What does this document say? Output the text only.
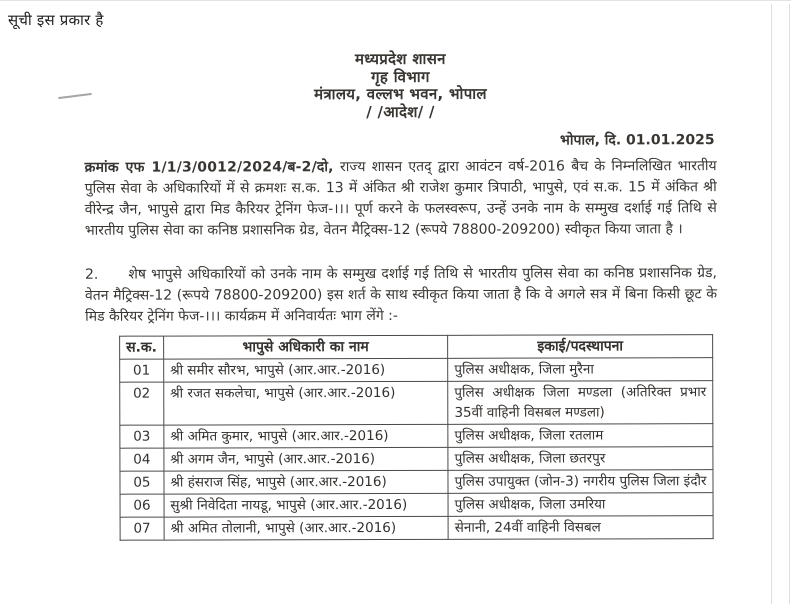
सूची इस प्रकार है
मध्यप्रदेश शासन
गृह विभाग
मंत्रालय, वल्लभ भवन, भोपाल
/ /आदेश/ /
भोपाल, दि. 01.01.2025

क्रमांक एफ 1/1/3/0012/2024/ब-2/दो, राज्य शासन एतद् द्वारा आवंटन वर्ष-2016 बैच के निम्नलिखित भारतीय पुलिस सेवा के अधिकारियों में से क्रमशः स.क. 13 में अंकित श्री राजेश कुमार त्रिपाठी, भापुसे, एवं स.क. 15 में अंकित श्री वीरेन्द्र जैन, भापुसे द्वारा मिड कैरियर ट्रेनिंग फेज-।।। पूर्ण करने के फलस्वरूप, उन्हें उनके नाम के सम्मुख दर्शाई गई तिथि से भारतीय पुलिस सेवा का कनिष्ठ प्रशासनिक ग्रेड, वेतन मैट्रिक्स-12 (रूपये 78800-209200) स्वीकृत किया जाता है ।

2. शेष भापुसे अधिकारियों को उनके नाम के सम्मुख दर्शाई गई तिथि से भारतीय पुलिस सेवा का कनिष्ठ प्रशासनिक ग्रेड, वेतन मैट्रिक्स-12 (रूपये 78800-209200) इस शर्त के साथ स्वीकृत किया जाता है कि वे अगले सत्र में बिना किसी छूट के मिड कैरियर ट्रेनिंग फेज-।।। कार्यक्रम में अनिवार्यतः भाग लेंगे :-

स.क.	भापुसे अधिकारी का नाम	इकाई/पदस्थापना
01	श्री समीर सौरभ, भापुसे (आर.आर.-2016)	पुलिस अधीक्षक, जिला मुरैना
02	श्री रजत सकलेचा, भापुसे (आर.आर.-2016)	पुलिस अधीक्षक जिला मण्डला (अतिरिक्त प्रभार 35वीं वाहिनी विसबल मण्डला)
03	श्री अमित कुमार, भापुसे (आर.आर.-2016)	पुलिस अधीक्षक, जिला रतलाम
04	श्री अगम जैन, भापुसे (आर.आर.-2016)	पुलिस अधीक्षक, जिला छतरपुर
05	श्री हंसराज सिंह, भापुसे (आर.आर.-2016)	पुलिस उपायुक्त (जोन-3) नगरीय पुलिस जिला इंदौर
06	सुश्री निवेदिता नायडू, भापुसे (आर.आर.-2016)	पुलिस अधीक्षक, जिला उमरिया
07	श्री अमित तोलानी, भापुसे (आर.आर.-2016)	सेनानी, 24वीं वाहिनी विसबल
